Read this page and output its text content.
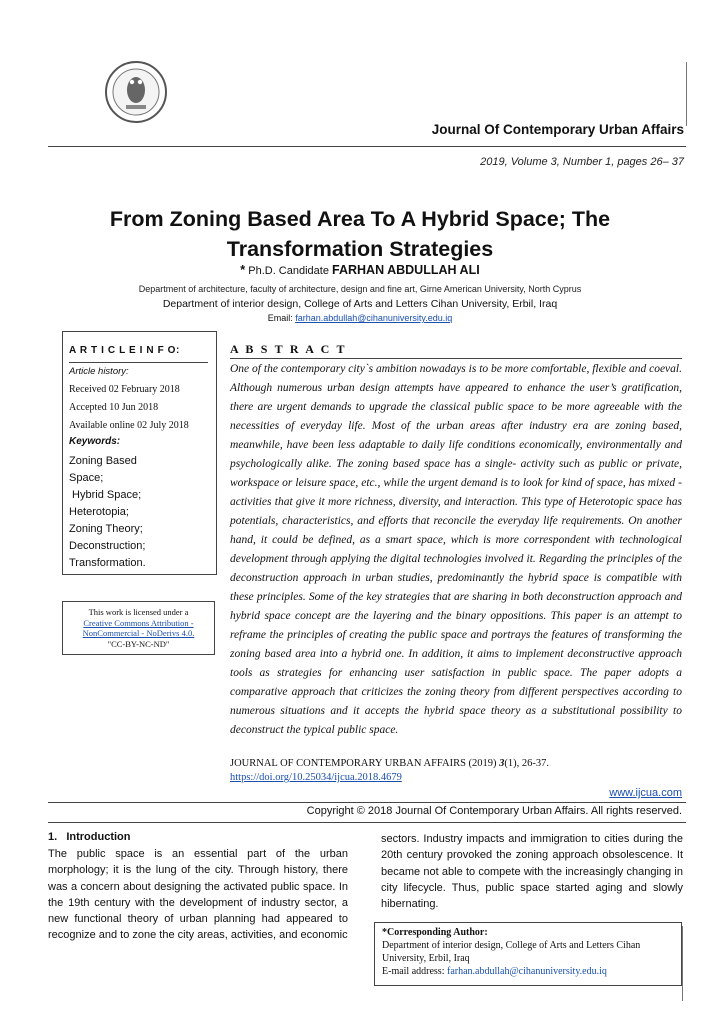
Journal Of Contemporary Urban Affairs
2019, Volume 3, Number 1, pages 26– 37
From Zoning Based Area To A Hybrid Space; The
Transformation Strategies
* Ph.D. Candidate FARHAN ABDULLAH ALI
Department of architecture, faculty of architecture, design and fine art, Girne American University, North Cyprus
Department of interior design, College of Arts and Letters Cihan University, Erbil, Iraq
Email: farhan.abdullah@cihanuniversity.edu.iq
A R T I C L E I N F O:
Article history:
Received 02 February 2018
Accepted 10 Jun 2018
Available online 02 July 2018
Keywords:
Zoning Based
Space;
Hybrid Space;
Heterotopia;
Zoning Theory;
Deconstruction;
Transformation.
This work is licensed under a
Creative Commons Attribution - NonCommercial - NoDerivs 4.0.
"CC-BY-NC-ND"
A B S T R A C T
One of the contemporary city`s ambition nowadays is to be more comfortable, flexible and coeval. Although numerous urban design attempts have appeared to enhance the user’s gratification, there are urgent demands to upgrade the classical public space to be more agreeable with the necessities of everyday life. Most of the urban areas after industry era are zoning based, meanwhile, have been less adaptable to daily life conditions economically, environmentally and psychologically alike. The zoning based space has a single- activity such as public or private, workspace or leisure space, etc., while the urgent demand is to look for kind of space, has mixed -activities that give it more richness, diversity, and interaction. This type of Heterotopic space has potentials, characteristics, and efforts that reconcile the everyday life requirements. On another hand, it could be defined, as a smart space, which is more correspondent with technological development through applying the digital technologies involved it. Regarding the principles of the deconstruction approach in urban studies, predominantly the hybrid space is compatible with these principles. Some of the key strategies that are sharing in both deconstruction approach and hybrid space concept are the layering and the binary oppositions. This paper is an attempt to reframe the principles of creating the public space and portrays the features of transforming the zoning based area into a hybrid one. In addition, it aims to implement deconstructive approach tools as strategies for enhancing user satisfaction in public space. The paper adopts a comparative approach that criticizes the zoning theory from different perspectives according to numerous situations and it accepts the hybrid space theory as a substitutional possibility to deconstruct the typical public space.
JOURNAL OF CONTEMPORARY URBAN AFFAIRS (2019) 3(1), 26-37.
https://doi.org/10.25034/ijcua.2018.4679
www.ijcua.com
Copyright © 2018 Journal Of Contemporary Urban Affairs. All rights reserved.
1.   Introduction
The public space is an essential part of the urban morphology; it is the lung of the city. Through history, there was a concern about designing the activated public space. In the 19th century with the development of industry sector, a new functional theory of urban planning had appeared to recognize and to zone the city areas, activities, and economic
sectors. Industry impacts and immigration to cities during the 20th century provoked the zoning approach obsolescence. It became not able to compete with the increasingly changing in city lifecycle. Thus, public space started aging and slowly hibernating.
*Corresponding Author:
Department of interior design, College of Arts and Letters Cihan University, Erbil, Iraq
E-mail address: farhan.abdullah@cihanuniversity.edu.iq
